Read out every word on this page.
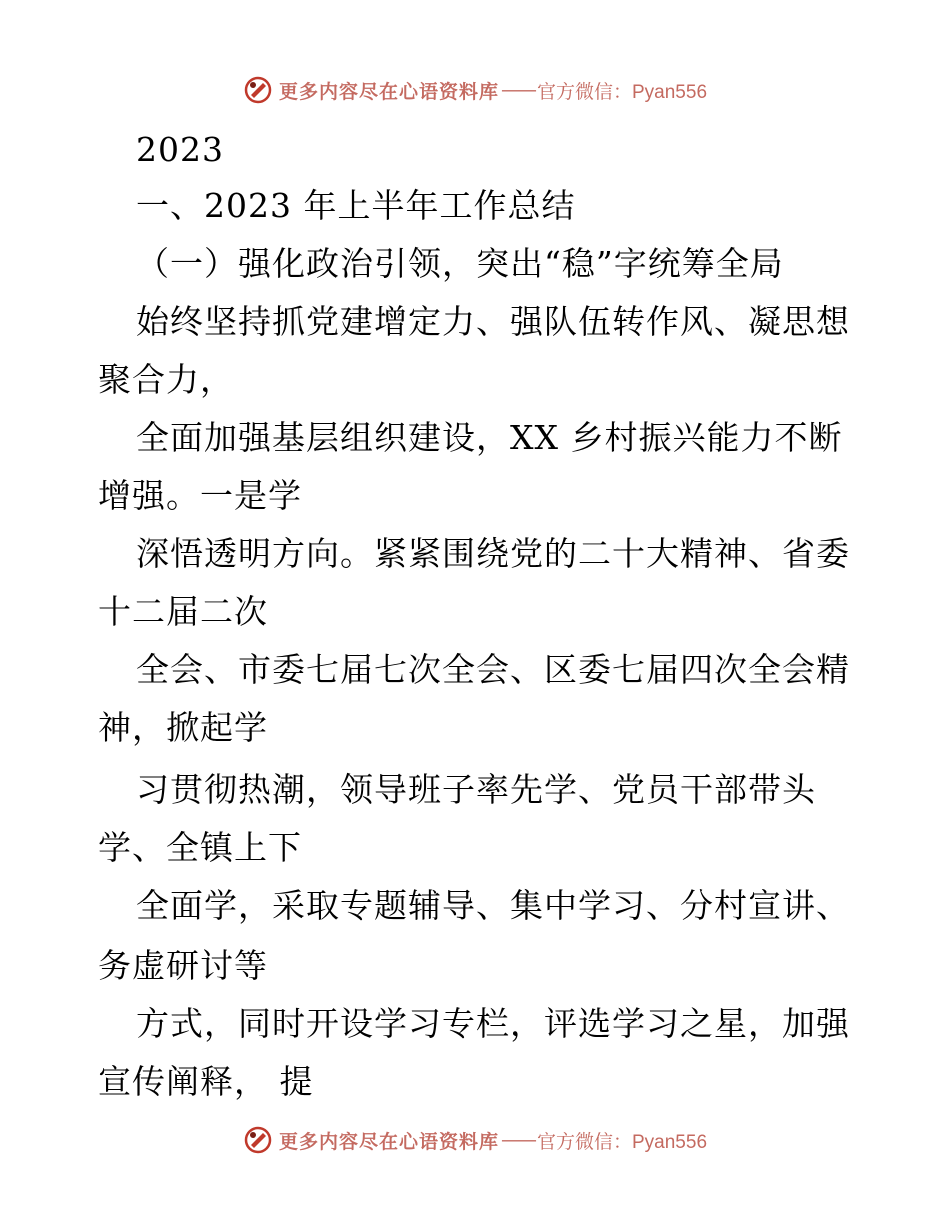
更多内容尽在心语资料库 —— 官方微信：Pyan556
2023
一、2023 年上半年工作总结
（一）强化政治引领，突出“稳”字统筹全局
始终坚持抓党建增定力、强队伍转作风、凝思想
聚合力，
全面加强基层组织建设，XX 乡村振兴能力不断
增强。一是学
深悟透明方向。紧紧围绕党的二十大精神、省委
十二届二次
全会、市委七届七次全会、区委七届四次全会精
神，掀起学
习贯彻热潮，领导班子率先学、党员干部带头
学、全镇上下
全面学，采取专题辅导、集中学习、分村宣讲、
务虚研讨等
方式，同时开设学习专栏，评选学习之星，加强
宣传阐释， 提
更多内容尽在心语资料库 —— 官方微信：Pyan556
